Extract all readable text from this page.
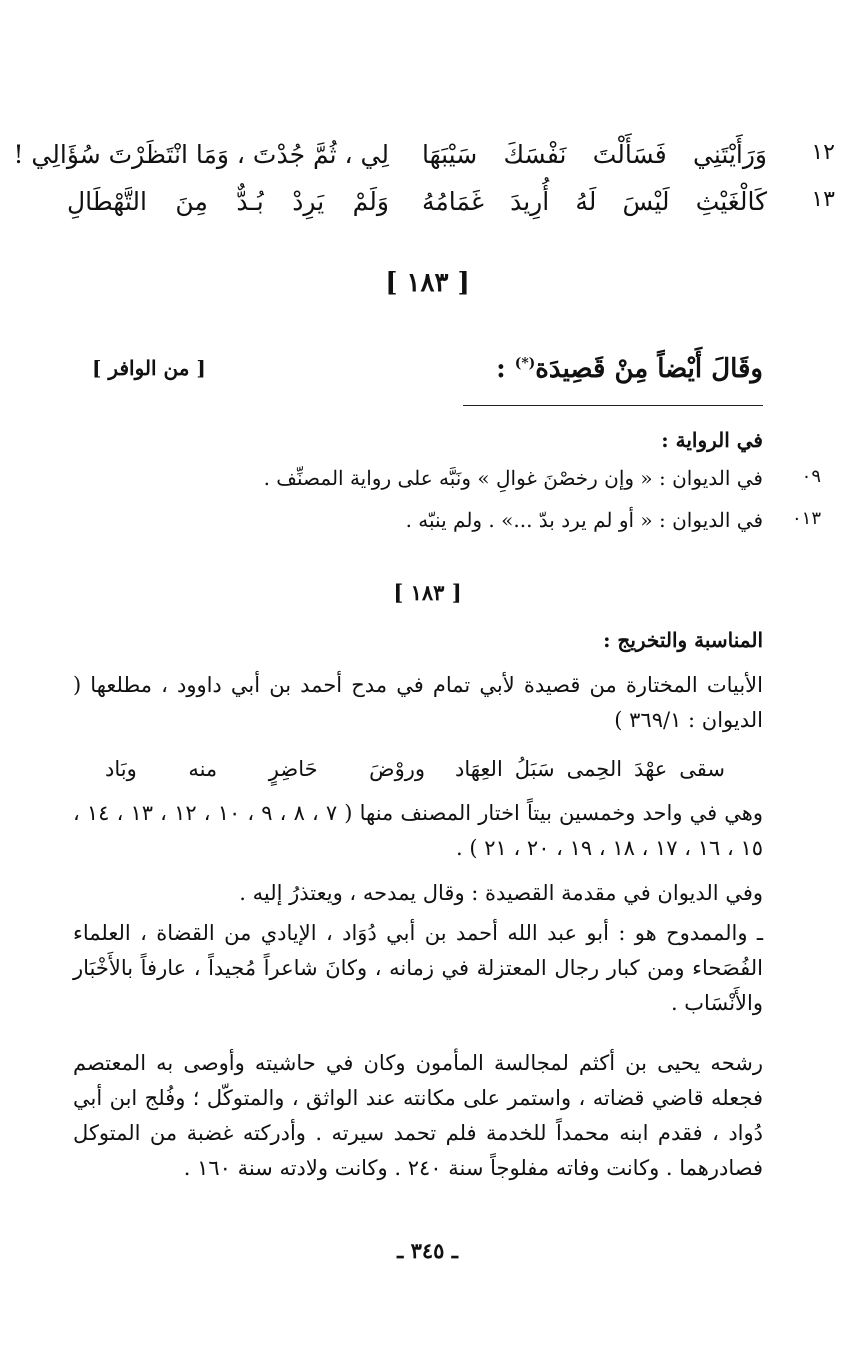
١٢
وَرَأَيْتَنِي فَسَأَلْتَ نَفْسَكَ سَيْبَهَا
لِي ، ثُمَّ جُدْتَ ، وَمَا انْتَظَرْتَ سُؤَالِي !
١٣
كَالْغَيْثِ لَيْسَ لَهُ أُرِيدَ غَمَامُهُ
وَلَمْ يَرِدْ بُـدٌّ مِنَ التَّهْطَالِ
[ ١٨٣ ]
وقَالَ أَيْضاً مِنْ قَصِيدَة(*) :
[ من الوافر ]
في الرواية :
٠٩
في الديوان : « وإن رخصْنَ غوالِ » ونَبَّه على رواية المصنِّف .
٠١٣
في الديوان : « أو لم يرد بدّ ...» . ولم ينبّه .
[ ١٨٣ ]
المناسبة والتخريج :
الأبيات المختارة من قصيدة لأبي تمام في مدح أحمد بن أبي داوود ، مطلعها ( الديوان : ٣٦٩/١ )
سقى عهْدَ الحِمى سَبَلُ العِهَاد
وروْضَ حَاضِرٍ منه وبَاد
وهي في واحد وخمسين بيتاً اختار المصنف منها ( ٧ ، ٨ ، ٩ ، ١٠ ، ١٢ ، ١٣ ، ١٤ ، ١٥ ، ١٦ ، ١٧ ، ١٨ ، ١٩ ، ٢٠ ، ٢١ ) .
وفي الديوان في مقدمة القصيدة : وقال يمدحه ، ويعتذرُ إليه .
ـ والممدوح هو : أبو عبد الله أحمد بن أبي دُوَاد ، الإيادي من القضاة ، العلماء الفُصَحاء ومن كبار رجال المعتزلة في زمانه ، وكانَ شاعراً مُجيداً ، عارفاً بالأَخْبَار والأَنْسَاب .
رشحه يحيى بن أكثم لمجالسة المأمون وكان في حاشيته وأوصى به المعتصم فجعله قاضي قضاته ، واستمر على مكانته عند الواثق ، والمتوكّل ؛ وفُلج ابن أبي دُواد ، فقدم ابنه محمداً للخدمة فلم تحمد سيرته . وأدركته غضبة من المتوكل فصادرهما . وكانت وفاته مفلوجاً سنة ٢٤٠ . وكانت ولادته سنة ١٦٠ .
ـ ٣٤٥ ـ
